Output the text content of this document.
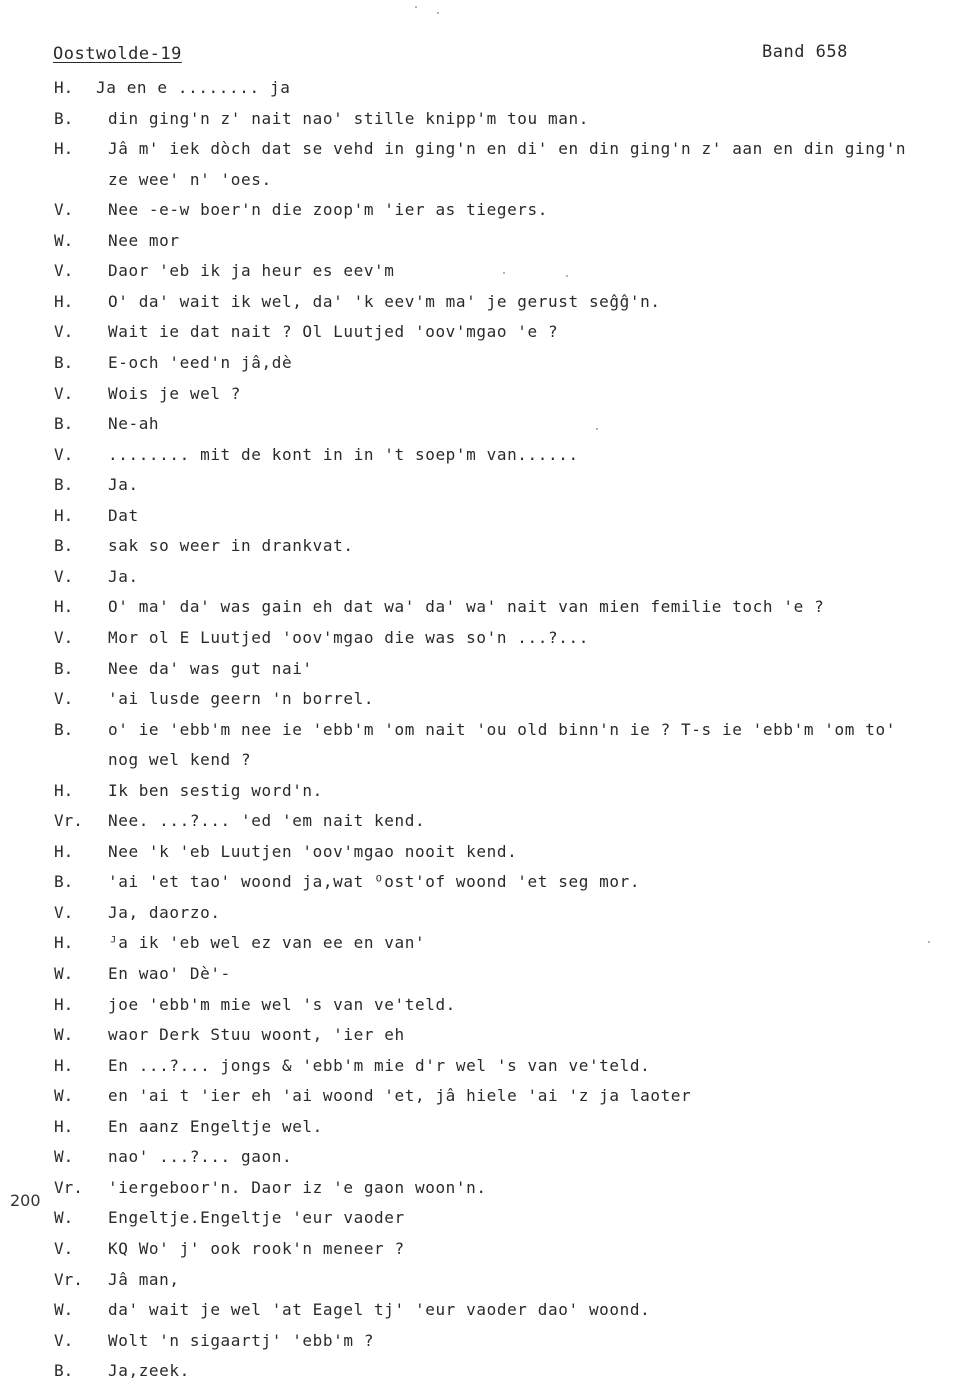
Oostwolde-19	Band 658
200
H.	Ja en e ........ ja
B.	din ging'n z' nait nao' stille knipp'm tou man.
H.	Jâ m' iek dòch dat se vehd in ging'n en di' en din ging'n z' aan en din ging'n
ze wee' n' 'oes.
V.	Nee -e-w boer'n die zoop'm 'ier as tiegers.
W.	Nee mor
V.	Daor 'eb ik ja heur es eev'm
H.	O' da' wait ik wel, da' 'k eev'm ma' je gerust seĝĝ'n.
V.	Wait ie dat nait ? Ol Luutjed 'oov'mgao 'e ?
B.	E-och 'eed'n jâ,dè
V.	Wois je wel ?
B.	Ne-ah
V.	........ mit de kont in in 't soep'm van......
B.	Ja.
H.	Dat
B.	sak so weer in drankvat.
V.	Ja.
H.	O' ma' da' was gain eh dat wa' da' wa' nait van mien femilie toch 'e ?
V.	Mor ol E Luutjed 'oov'mgao die was so'n ...?...
B.	Nee da' was gut nai'
V.	'ai lusde geern 'n borrel.
B.	o' ie 'ebb'm nee ie 'ebb'm 'om nait 'ou old binn'n ie ? T-s ie 'ebb'm 'om to'
nog wel kend ?
H.	Ik ben sestig word'n.
Vr.	Nee. ...?... 'ed 'em nait kend.
H.	Nee 'k 'eb Luutjen 'oov'mgao nooit kend.
B.	'ai 'et tao' woond ja,wat ᴼost'of woond 'et seg mor.
V.	Ja, daorzo.
H.	ᴶa ik 'eb wel ez van ee en van'
W.	En wao' Dè'-
H.	joe 'ebb'm mie wel 's van ve'teld.
W.	waor Derk Stuu woont, 'ier eh
H.	En ...?... jongs & 'ebb'm mie d'r wel 's van ve'teld.
W.	en 'ai t 'ier eh 'ai woond 'et, jâ hiele 'ai 'z ja laoter
H.	En aanz Engeltje wel.
W.	nao' ...?... gaon.
Vr.	'iergeboor'n. Daor iz 'e gaon woon'n.
W.	Engeltje.Engeltje 'eur vaoder
V.	KQ Wo' j' ook rook'n meneer ?
Vr.	Jâ man,
W.	da' wait je wel 'at Eagel tj' 'eur vaoder dao' woond.
V.	Wolt 'n sigaartj' 'ebb'm ?
B.	Ja,zeek.
